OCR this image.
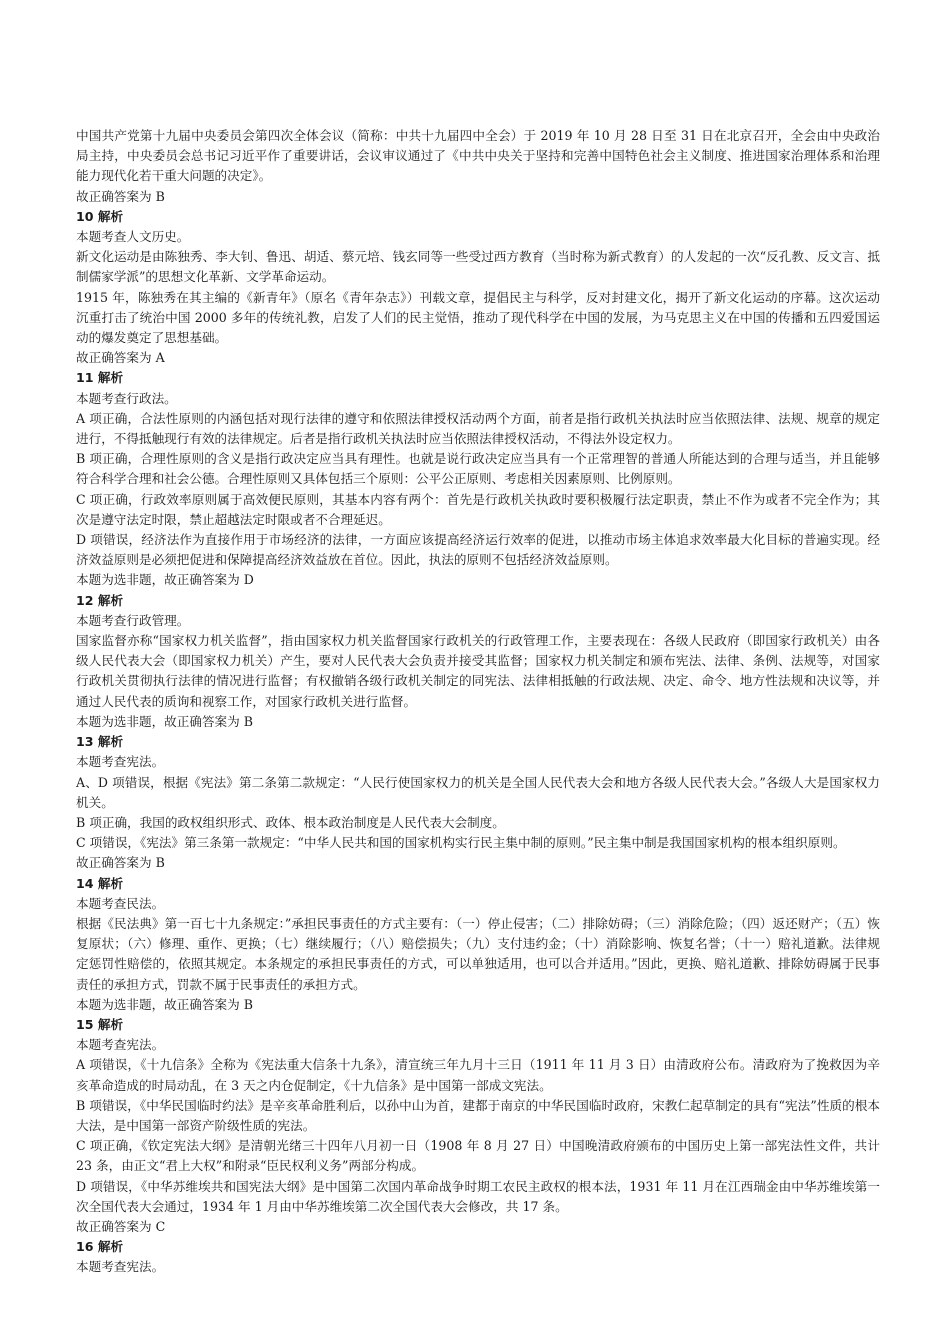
中国共产党第十九届中央委员会第四次全体会议（简称：中共十九届四中全会）于 2019 年 10 月 28 日至 31 日在北京召开，全会由中央政治局主持，中央委员会总书记习近平作了重要讲话，会议审议通过了《中共中央关于坚持和完善中国特色社会主义制度、推进国家治理体系和治理能力现代化若干重大问题的决定》。
故正确答案为 B
10 解析
本题考查人文历史。
新文化运动是由陈独秀、李大钊、鲁迅、胡适、蔡元培、钱玄同等一些受过西方教育（当时称为新式教育）的人发起的一次“反孔教、反文言、抵制儒家学派”的思想文化革新、文学革命运动。
1915 年，陈独秀在其主编的《新青年》（原名《青年杂志》）刊载文章，提倡民主与科学，反对封建文化，揭开了新文化运动的序幕。这次运动沉重打击了统治中国 2000 多年的传统礼教，启发了人们的民主觉悟，推动了现代科学在中国的发展，为马克思主义在中国的传播和五四爱国运动的爆发奠定了思想基础。
故正确答案为 A
11 解析
本题考查行政法。
A 项正确，合法性原则的内涵包括对现行法律的遵守和依照法律授权活动两个方面，前者是指行政机关执法时应当依照法律、法规、规章的规定进行，不得抵触现行有效的法律规定。后者是指行政机关执法时应当依照法律授权活动，不得法外设定权力。
B 项正确，合理性原则的含义是指行政决定应当具有理性。也就是说行政决定应当具有一个正常理智的普通人所能达到的合理与适当，并且能够符合科学合理和社会公德。合理性原则又具体包括三个原则：公平公正原则、考虑相关因素原则、比例原则。
C 项正确，行政效率原则属于高效便民原则，其基本内容有两个：首先是行政机关执政时要积极履行法定职责，禁止不作为或者不完全作为；其次是遵守法定时限，禁止超越法定时限或者不合理延迟。
D 项错误，经济法作为直接作用于市场经济的法律，一方面应该提高经济运行效率的促进，以推动市场主体追求效率最大化目标的普遍实现。经济效益原则是必须把促进和保障提高经济效益放在首位。因此，执法的原则不包括经济效益原则。
本题为选非题，故正确答案为 D
12 解析
本题考查行政管理。
国家监督亦称“国家权力机关监督”，指由国家权力机关监督国家行政机关的行政管理工作，主要表现在：各级人民政府（即国家行政机关）由各级人民代表大会（即国家权力机关）产生，要对人民代表大会负责并接受其监督；国家权力机关制定和颁布宪法、法律、条例、法规等，对国家行政机关贯彻执行法律的情况进行监督；有权撤销各级行政机关制定的同宪法、法律相抵触的行政法规、决定、命令、地方性法规和决议等，并通过人民代表的质询和视察工作，对国家行政机关进行监督。
本题为选非题，故正确答案为 B
13 解析
本题考查宪法。
A、D 项错误，根据《宪法》第二条第二款规定：“人民行使国家权力的机关是全国人民代表大会和地方各级人民代表大会。”各级人大是国家权力机关。
B 项正确，我国的政权组织形式、政体、根本政治制度是人民代表大会制度。
C 项错误，《宪法》第三条第一款规定：“中华人民共和国的国家机构实行民主集中制的原则。”民主集中制是我国国家机构的根本组织原则。
故正确答案为 B
14 解析
本题考查民法。
根据《民法典》第一百七十九条规定：”承担民事责任的方式主要有：（一）停止侵害；（二）排除妨碍；（三）消除危险；（四）返还财产；（五）恢复原状；（六）修理、重作、更换；（七）继续履行；（八）赔偿损失；（九）支付违约金；（十）消除影响、恢复名誉；（十一）赔礼道歉。法律规定惩罚性赔偿的，依照其规定。本条规定的承担民事责任的方式，可以单独适用，也可以合并适用。”因此，更换、赔礼道歉、排除妨碍属于民事责任的承担方式，罚款不属于民事责任的承担方式。
本题为选非题，故正确答案为 B
15 解析
本题考查宪法。
A 项错误，《十九信条》全称为《宪法重大信条十九条》，清宣统三年九月十三日（1911 年 11 月 3 日）由清政府公布。清政府为了挽救因为辛亥革命造成的时局动乱，在 3 天之内仓促制定，《十九信条》是中国第一部成文宪法。
B 项错误，《中华民国临时约法》是辛亥革命胜利后，以孙中山为首，建都于南京的中华民国临时政府，宋教仁起草制定的具有“宪法”性质的根本大法，是中国第一部资产阶级性质的宪法。
C 项正确，《钦定宪法大纲》是清朝光绪三十四年八月初一日（1908 年 8 月 27 日）中国晚清政府颁布的中国历史上第一部宪法性文件，共计 23 条，由正文“君上大权”和附录“臣民权利义务”两部分构成。
D 项错误，《中华苏维埃共和国宪法大纲》是中国第二次国内革命战争时期工农民主政权的根本法，1931 年 11 月在江西瑞金由中华苏维埃第一次全国代表大会通过，1934 年 1 月由中华苏维埃第二次全国代表大会修改，共 17 条。
故正确答案为 C
16 解析
本题考查宪法。
